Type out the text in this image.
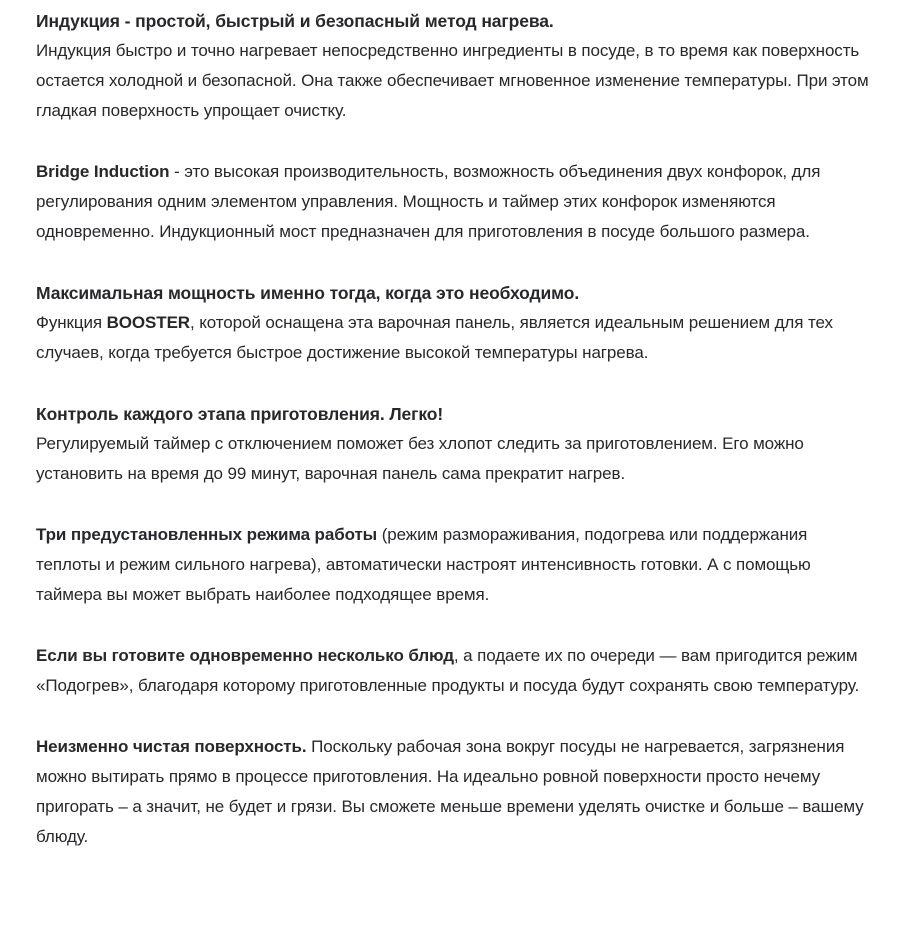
Индукция - простой, быстрый и безопасный метод нагрева.

Индукция быстро и точно нагревает непосредственно ингредиенты в посуде, в то время как поверхность остается холодной и безопасной. Она также обеспечивает мгновенное изменение температуры. При этом гладкая поверхность упрощает очистку.

Bridge Induction - это высокая производительность, возможность объединения двух конфорок, для регулирования одним элементом управления. Мощность и таймер этих конфорок изменяются одновременно. Индукционный мост предназначен для приготовления в посуде большого размера.

Максимальная мощность именно тогда, когда это необходимо.

Функция BOOSTER, которой оснащена эта варочная панель, является идеальным решением для тех случаев, когда требуется быстрое достижение высокой температуры нагрева.

Контроль каждого этапа приготовления. Легко!

Регулируемый таймер с отключением поможет без хлопот следить за приготовлением. Его можно установить на время до 99 минут, варочная панель сама прекратит нагрев.

Три предустановленных режима работы (режим размораживания, подогрева или поддержания теплоты и режим сильного нагрева), автоматически настроят интенсивность готовки. А с помощью таймера вы может выбрать наиболее подходящее время.

Если вы готовите одновременно несколько блюд, а подаете их по очереди — вам пригодится режим «Подогрев», благодаря которому приготовленные продукты и посуда будут сохранять свою температуру.

Неизменно чистая поверхность. Поскольку рабочая зона вокруг посуды не нагревается, загрязнения можно вытирать прямо в процессе приготовления. На идеально ровной поверхности просто нечему пригорать – а значит, не будет и грязи. Вы сможете меньше времени уделять очистке и больше – вашему блюду.
